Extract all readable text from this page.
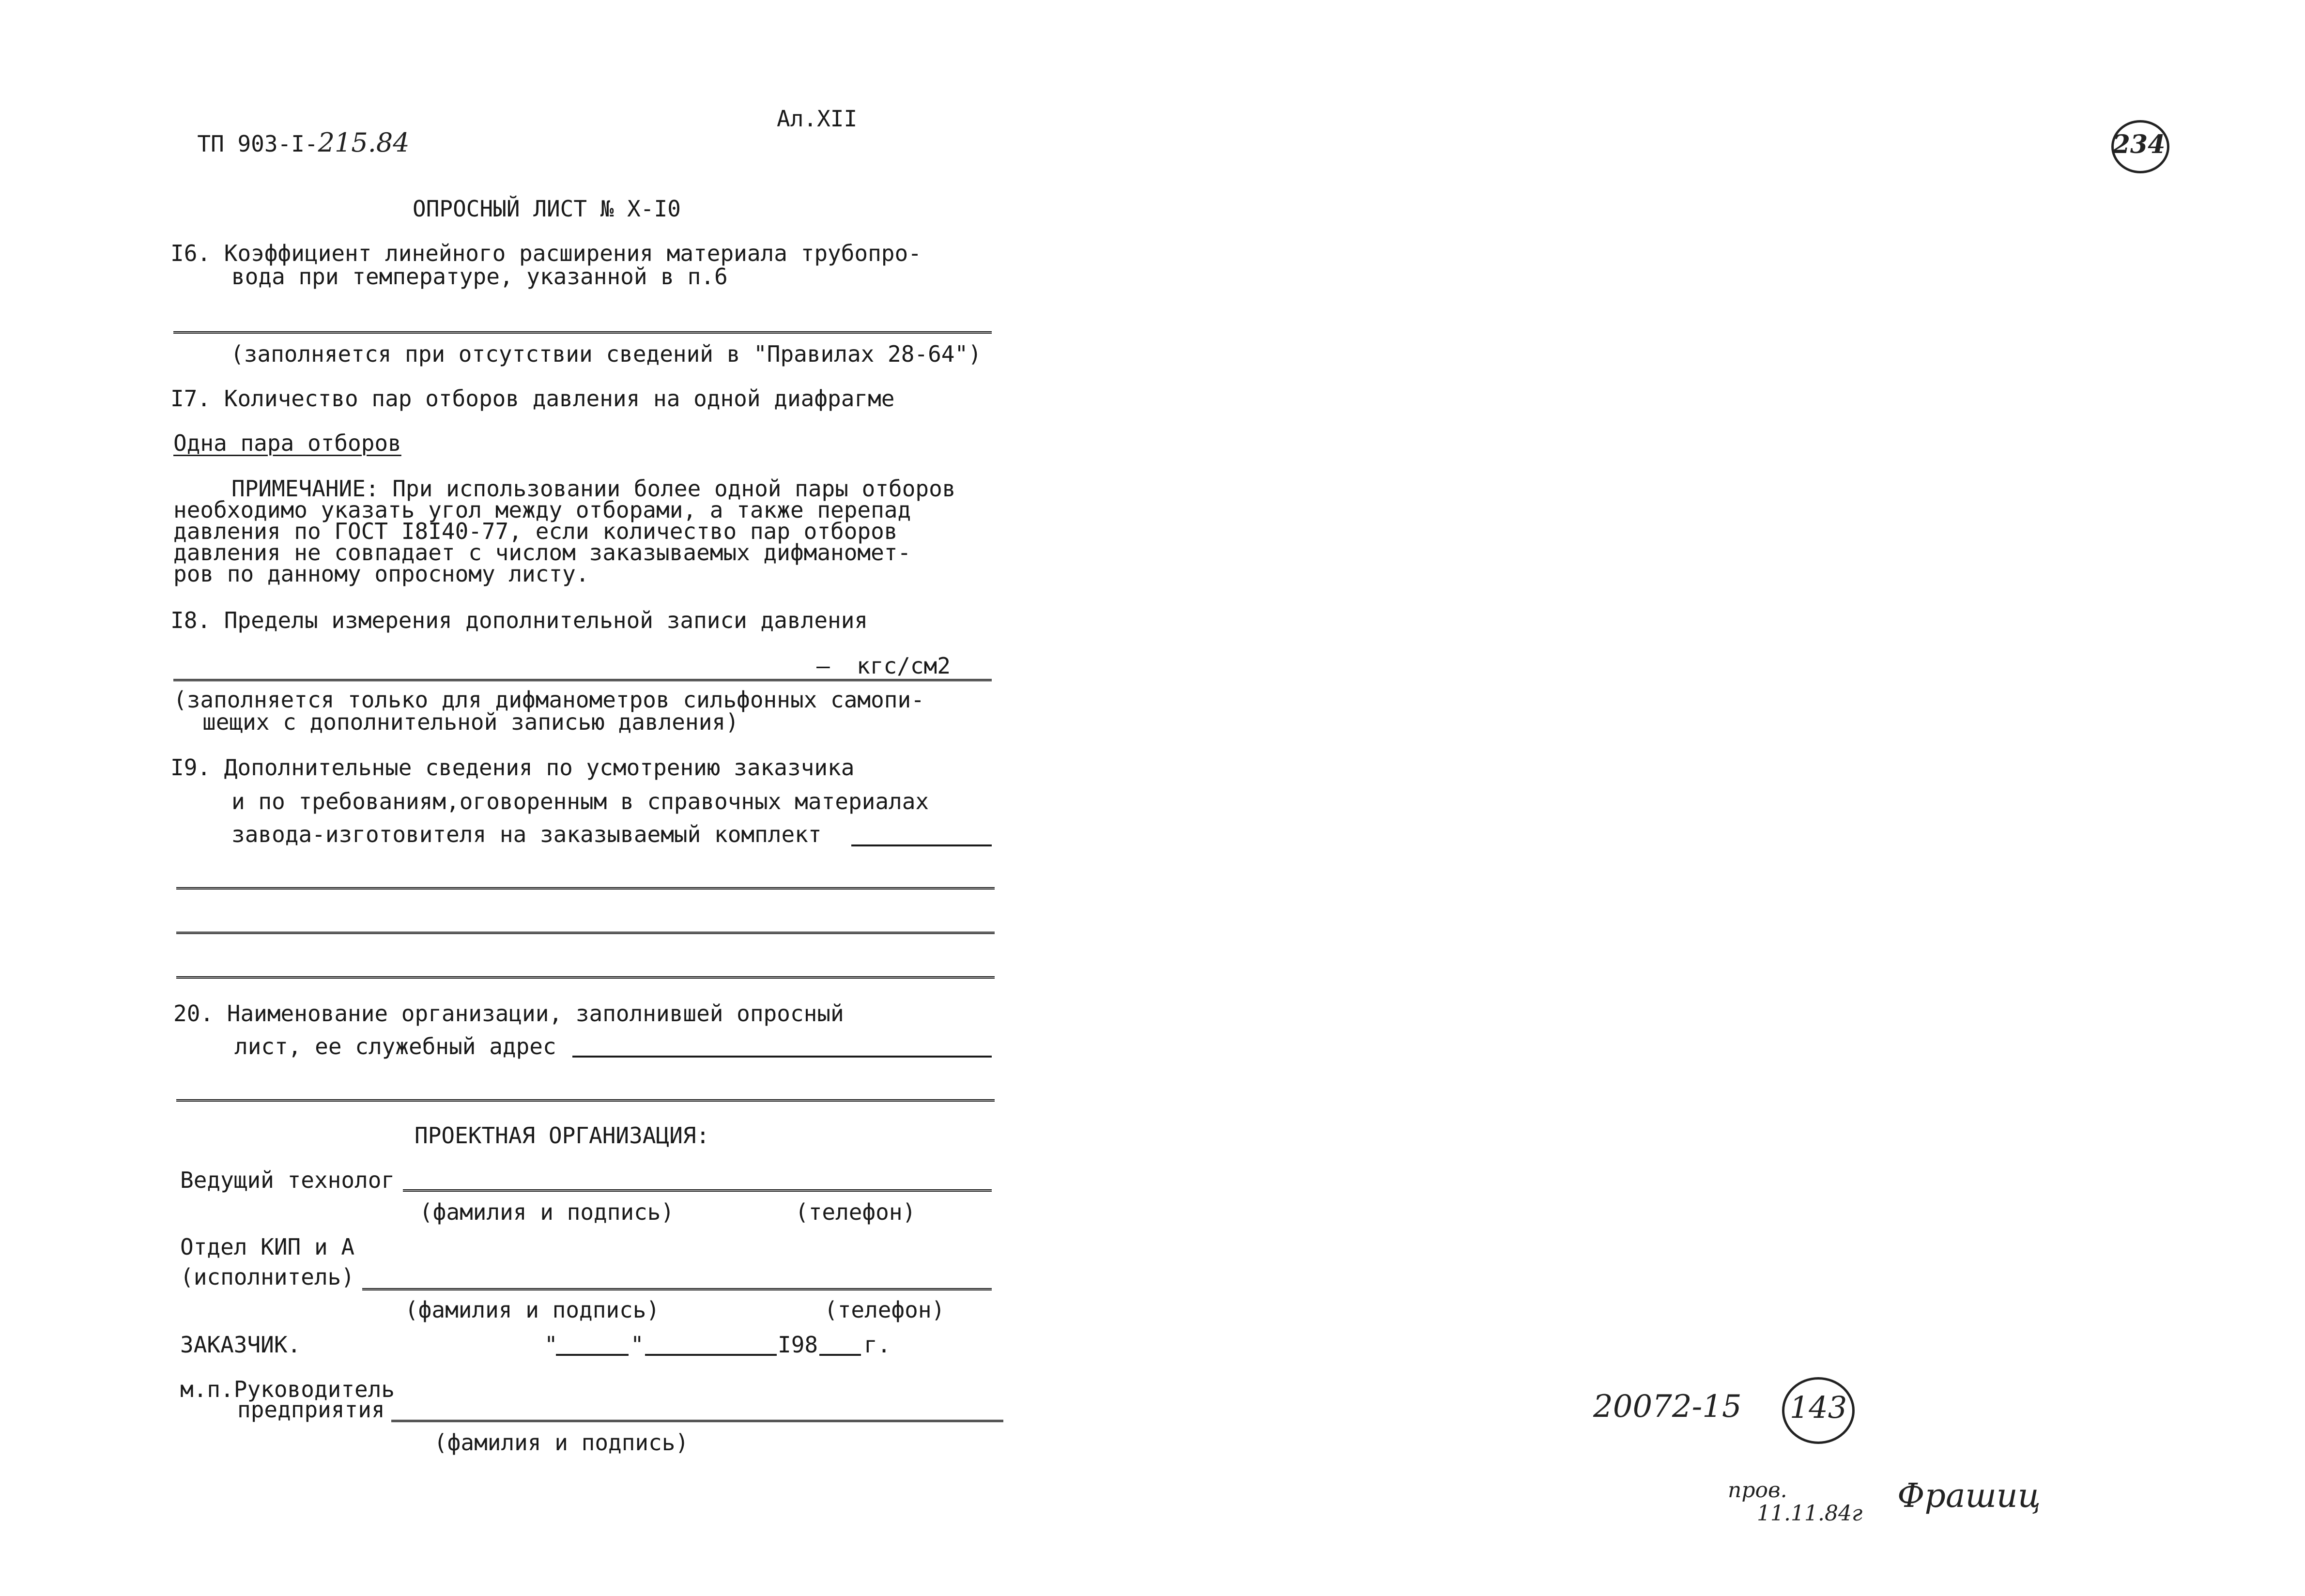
ТП 903-I-215.84

Ал.XII
234
ОПРОСНЫЙ ЛИСТ № X-I0
I6. Коэффициент линейного расширения материала трубопро-
вода при температуре, указанной в п.6
(заполняется при отсутствии сведений в "Правилах 28-64")
I7. Количество пар отборов давления на одной диафрагме
Одна пара отборов
ПРИМЕЧАНИЕ: При использовании более одной пары отборов
необходимо указать угол между отборами, а также перепад
давления по ГОСТ I8I40-77, если количество пар отборов
давления не совпадает с числом заказываемых дифманомет-
ров по данному опросному листу.
I8. Пределы измерения дополнительной записи давления
—  кгс/см2
(заполняется только для дифманометров сильфонных самопи-
шещих с дополнительной записью давления)
I9. Дополнительные сведения по усмотрению заказчика
и по требованиям,оговоренным в справочных материалах
завода-изготовителя на заказываемый комплект
20. Наименование организации, заполнившей опросный
лист, ее служебный адрес
ПРОЕКТНАЯ ОРГАНИЗАЦИЯ:
Ведущий технолог
(фамилия и подпись)	(телефон)
Отдел КИП и А
(исполнитель)
(фамилия и подпись)	(телефон)
ЗАКАЗЧИК.	"	"	I98 г.
м.п.Руководитель
предприятия
(фамилия и подпись)
20072-15 143
пров.
11.11.84г Фрашиц
